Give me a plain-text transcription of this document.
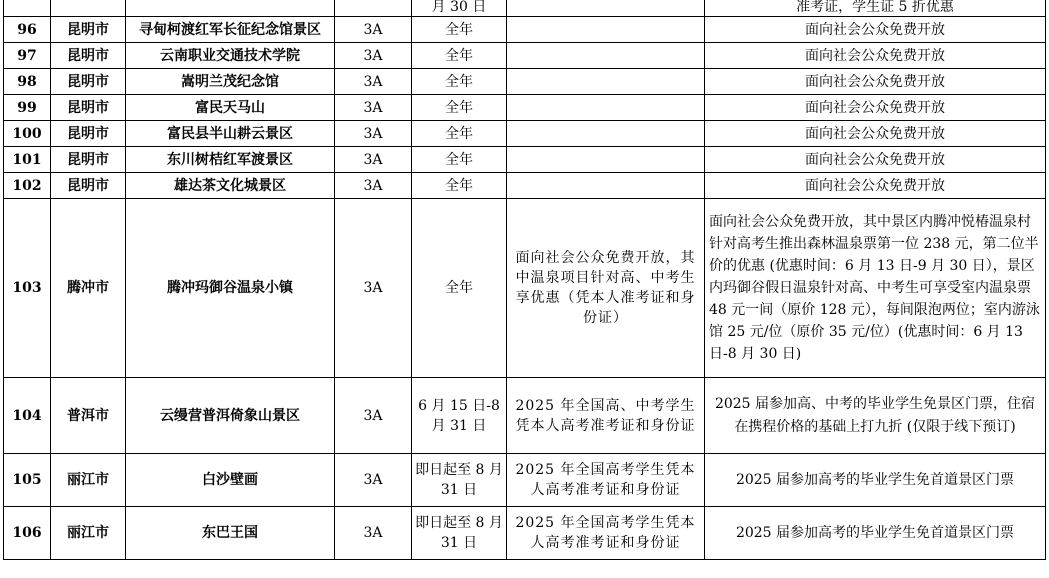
				月 30 日		准考证，学生证 5 折优惠
96	昆明市	寻甸柯渡红军长征纪念馆景区	3A	全年		面向社会公众免费开放
97	昆明市	云南职业交通技术学院	3A	全年		面向社会公众免费开放
98	昆明市	嵩明兰茂纪念馆	3A	全年		面向社会公众免费开放
99	昆明市	富民天马山	3A	全年		面向社会公众免费开放
100	昆明市	富民县半山耕云景区	3A	全年		面向社会公众免费开放
101	昆明市	东川树桔红军渡景区	3A	全年		面向社会公众免费开放
102	昆明市	雄达茶文化城景区	3A	全年		面向社会公众免费开放
103	腾冲市	腾冲玛御谷温泉小镇	3A	全年	面向社会公众免费开放，其中温泉项目针对高、中考生享优惠（凭本人准考证和身份证）	面向社会公众免费开放，其中景区内腾冲悦椿温泉村针对高考生推出森林温泉票第一位 238 元，第二位半价的优惠 (优惠时间：6 月 13 日-9 月 30 日），景区内玛御谷假日温泉针对高、中考生可享受室内温泉票 48 元一间（原价 128 元），每间限泡两位；室内游泳馆 25 元/位（原价 35 元/位）(优惠时间：6 月 13 日-8 月 30 日)
104	普洱市	云缦营普洱倚象山景区	3A	6 月 15 日-8 月 31 日	2025 年全国高、中考学生凭本人高考准考证和身份证	2025 届参加高、中考的毕业学生免景区门票，住宿在携程价格的基础上打九折 (仅限于线下预订)
105	丽江市	白沙壁画	3A	即日起至 8 月 31 日	2025 年全国高考学生凭本人高考准考证和身份证	2025 届参加高考的毕业学生免首道景区门票
106	丽江市	东巴王国	3A	即日起至 8 月 31 日	2025 年全国高考学生凭本人高考准考证和身份证	2025 届参加高考的毕业学生免首道景区门票
